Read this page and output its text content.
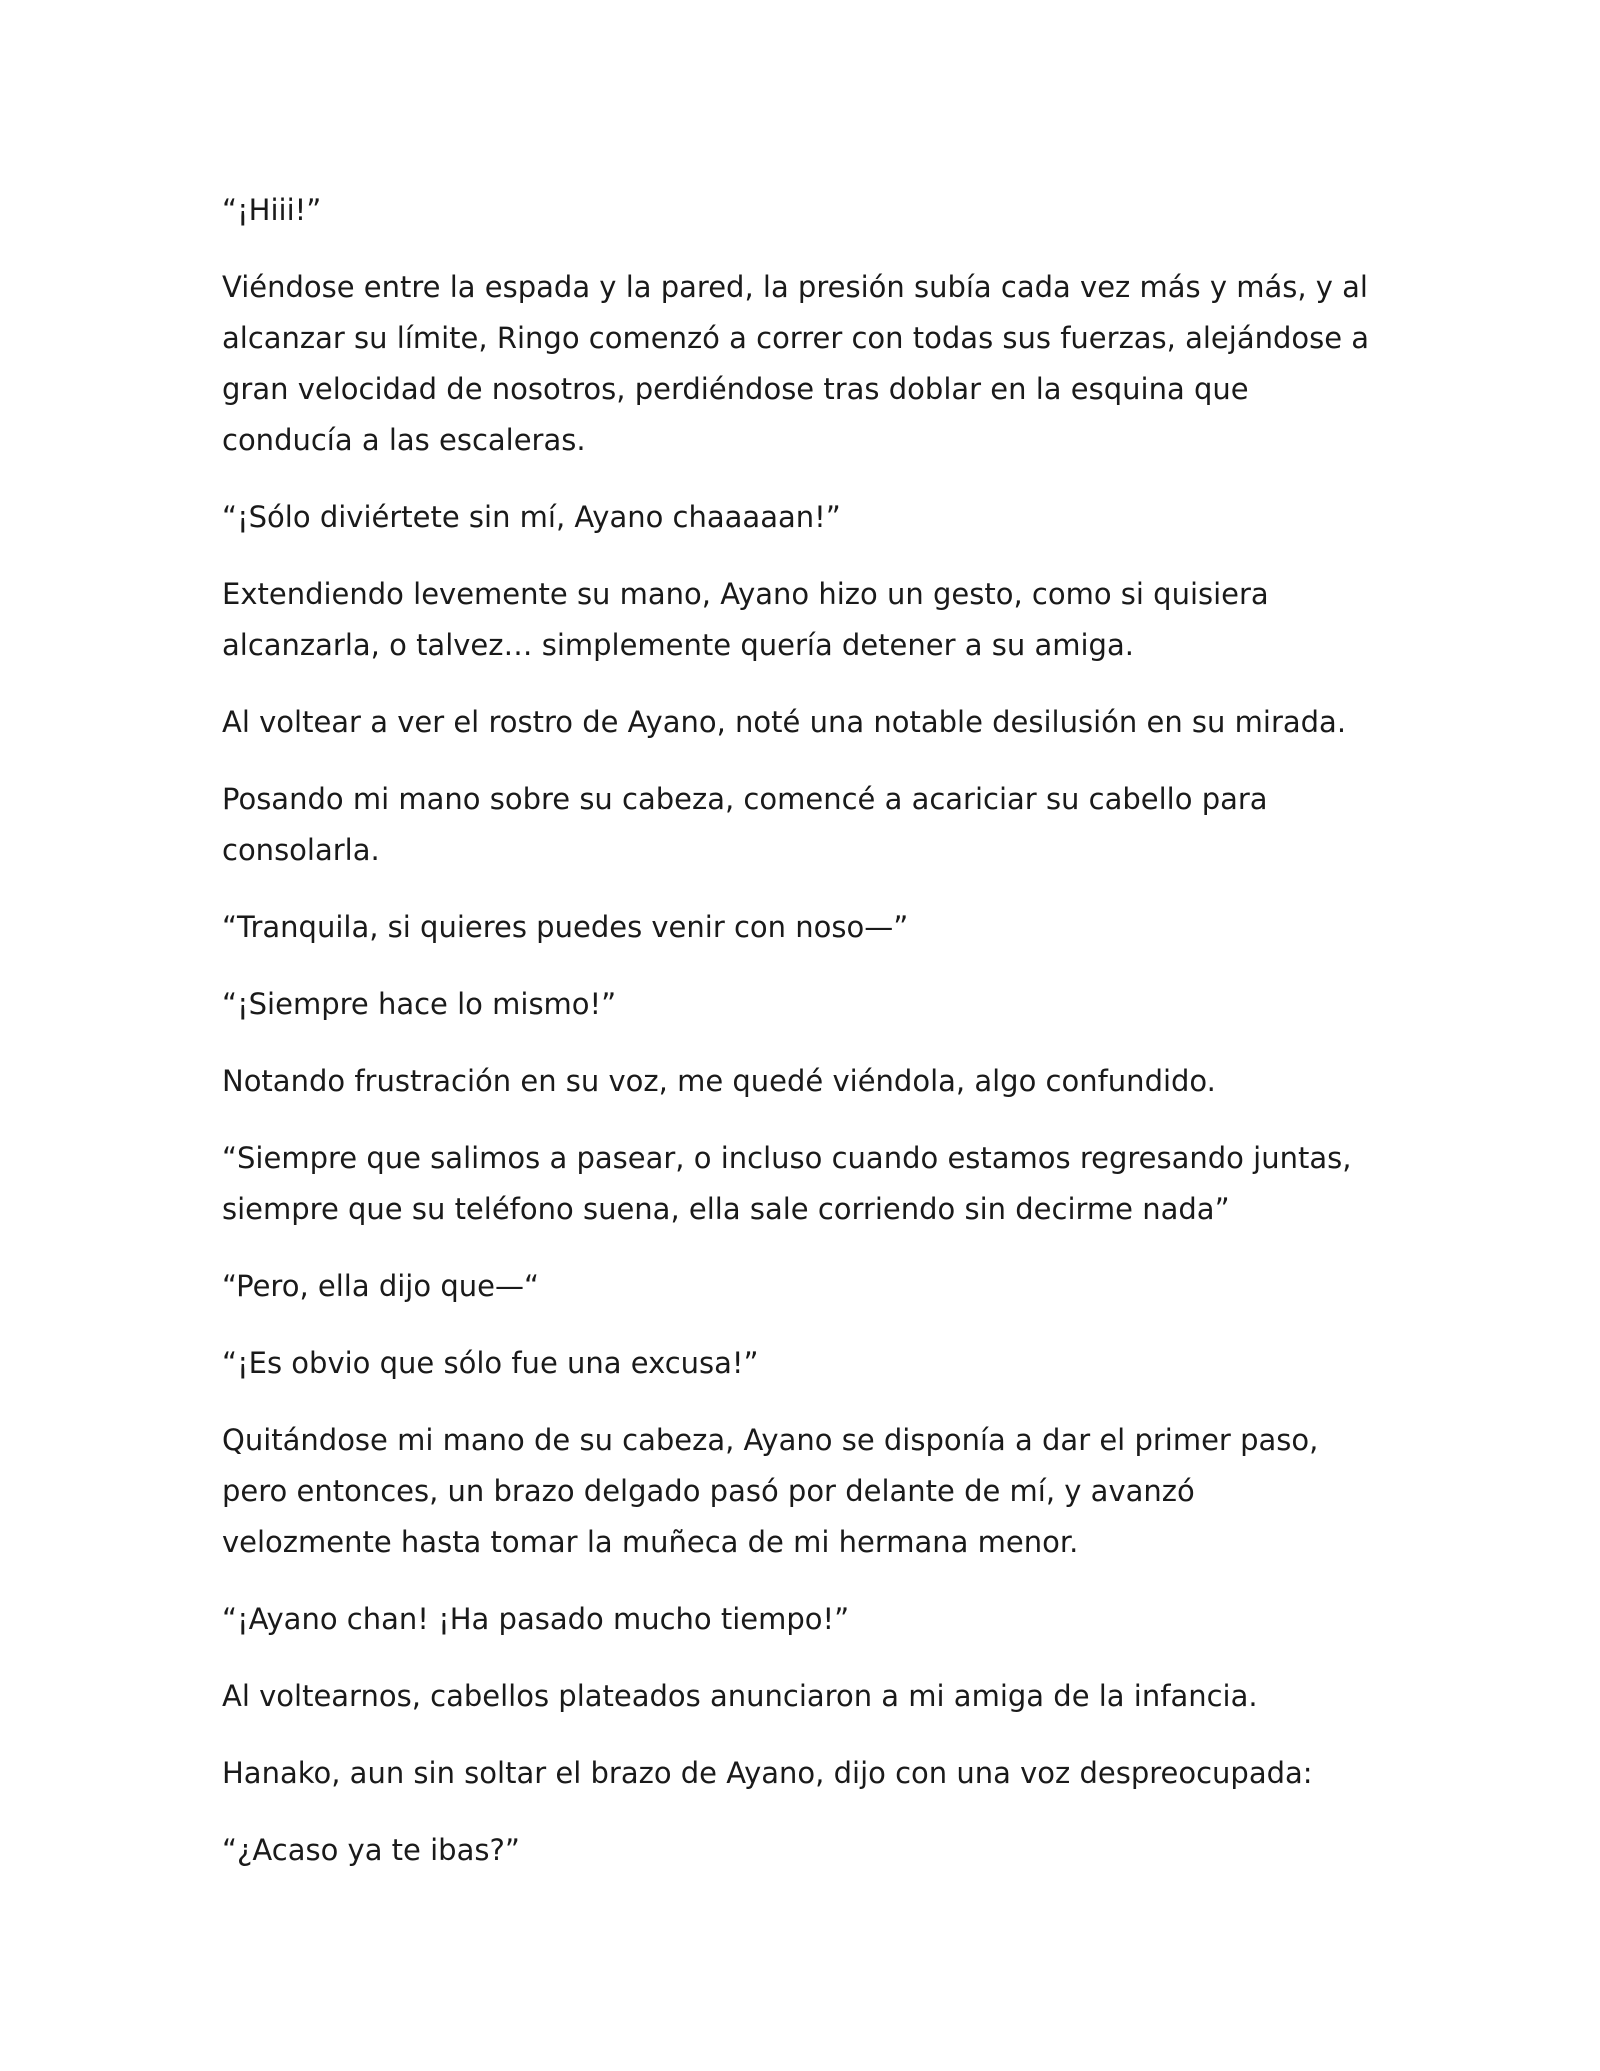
“¡Hiii!”

Viéndose entre la espada y la pared, la presión subía cada vez más y más, y al
alcanzar su límite, Ringo comenzó a correr con todas sus fuerzas, alejándose a
gran velocidad de nosotros, perdiéndose tras doblar en la esquina que
conducía a las escaleras.

“¡Sólo diviértete sin mí, Ayano chaaaaan!”

Extendiendo levemente su mano, Ayano hizo un gesto, como si quisiera
alcanzarla, o talvez… simplemente quería detener a su amiga.

Al voltear a ver el rostro de Ayano, noté una notable desilusión en su mirada.

Posando mi mano sobre su cabeza, comencé a acariciar su cabello para
consolarla.

“Tranquila, si quieres puedes venir con noso—”

“¡Siempre hace lo mismo!”

Notando frustración en su voz, me quedé viéndola, algo confundido.

“Siempre que salimos a pasear, o incluso cuando estamos regresando juntas,
siempre que su teléfono suena, ella sale corriendo sin decirme nada”

“Pero, ella dijo que—“

“¡Es obvio que sólo fue una excusa!”

Quitándose mi mano de su cabeza, Ayano se disponía a dar el primer paso,
pero entonces, un brazo delgado pasó por delante de mí, y avanzó
velozmente hasta tomar la muñeca de mi hermana menor.

“¡Ayano chan! ¡Ha pasado mucho tiempo!”

Al voltearnos, cabellos plateados anunciaron a mi amiga de la infancia.

Hanako, aun sin soltar el brazo de Ayano, dijo con una voz despreocupada:

“¿Acaso ya te ibas?”
